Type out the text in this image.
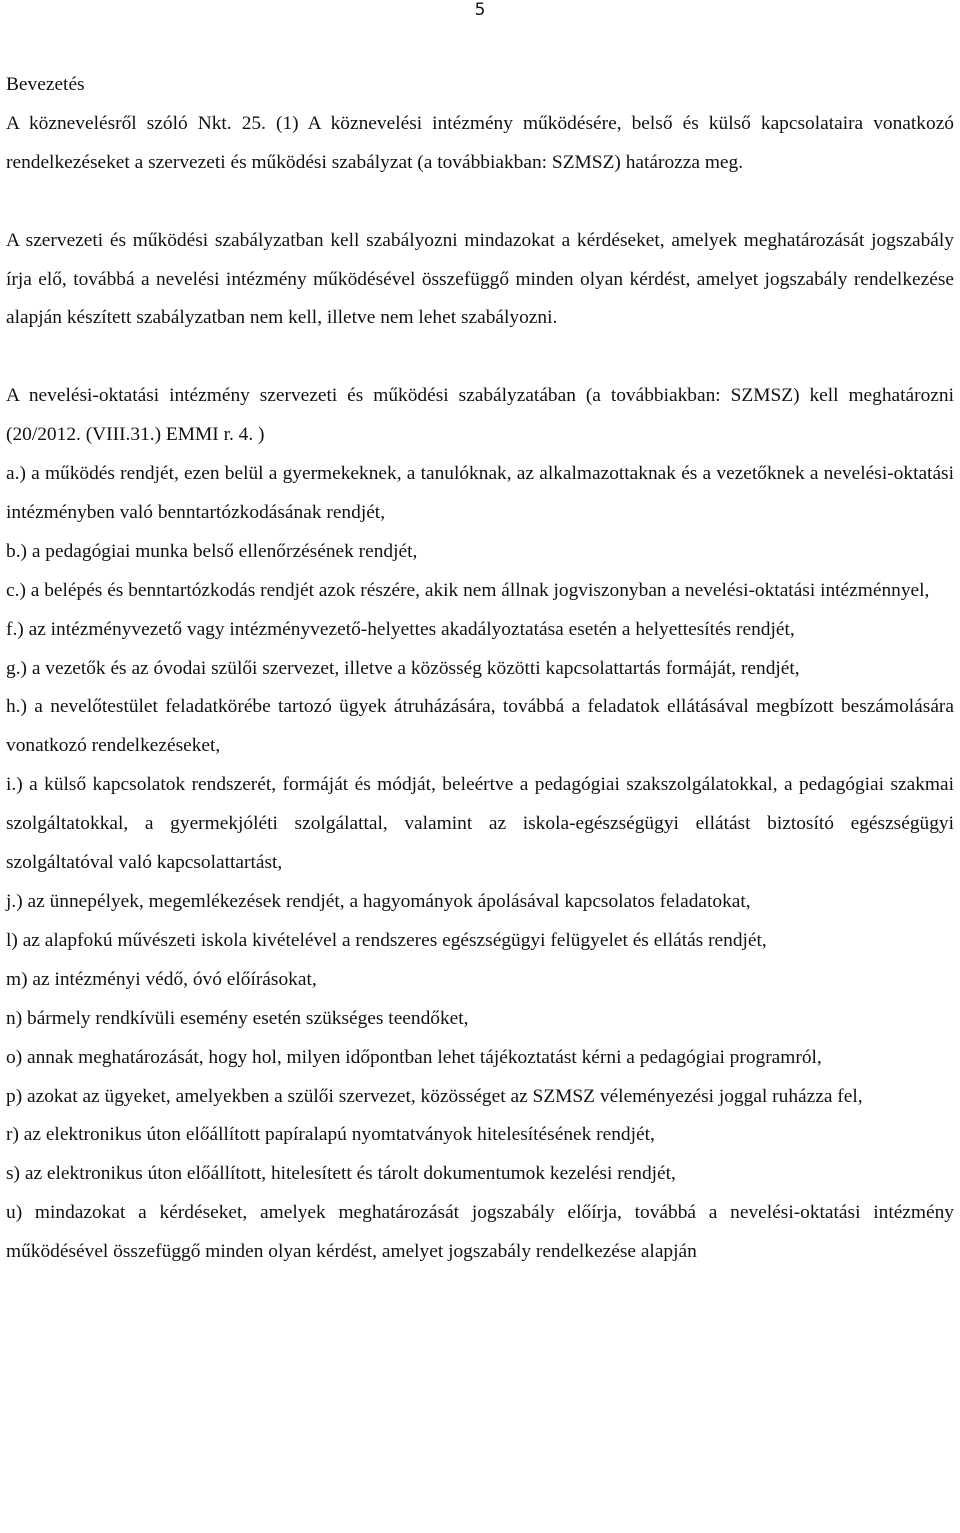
5
Bevezetés

A köznevelésről szóló Nkt. 25. (1) A köznevelési intézmény működésére, belső és külső kapcsolataira vonatkozó rendelkezéseket a szervezeti és működési szabályzat (a továbbiakban: SZMSZ) határozza meg.

A szervezeti és működési szabályzatban kell szabályozni mindazokat a kérdéseket, amelyek meghatározását jogszabály írja elő, továbbá a nevelési intézmény működésével összefüggő minden olyan kérdést, amelyet jogszabály rendelkezése alapján készített szabályzatban nem kell, illetve nem lehet szabályozni.

A nevelési-oktatási intézmény szervezeti és működési szabályzatában (a továbbiakban: SZMSZ) kell meghatározni (20/2012. (VIII.31.) EMMI r. 4. )

a.) a működés rendjét, ezen belül a gyermekeknek, a tanulóknak, az alkalmazottaknak és a vezetőknek a nevelési-oktatási intézményben való benntartózkodásának rendjét,

b.) a pedagógiai munka belső ellenőrzésének rendjét,

c.) a belépés és benntartózkodás rendjét azok részére, akik nem állnak jogviszonyban a nevelési-oktatási intézménnyel,

f.) az intézményvezető vagy intézményvezető-helyettes akadályoztatása esetén a helyettesítés rendjét,

g.) a vezetők és az óvodai szülői szervezet, illetve a közösség közötti kapcsolattartás formáját, rendjét,

h.) a nevelőtestület feladatkörébe tartozó ügyek átruházására, továbbá a feladatok ellátásával megbízott beszámolására vonatkozó rendelkezéseket,

i.) a külső kapcsolatok rendszerét, formáját és módját, beleértve a pedagógiai szakszolgálatokkal, a pedagógiai szakmai szolgáltatokkal, a gyermekjóléti szolgálattal, valamint az iskola-egészségügyi ellátást biztosító egészségügyi szolgáltatóval való kapcsolattartást,

j.) az ünnepélyek, megemlékezések rendjét, a hagyományok ápolásával kapcsolatos feladatokat,

l) az alapfokú művészeti iskola kivételével a rendszeres egészségügyi felügyelet és ellátás rendjét,

m) az intézményi védő, óvó előírásokat,

n) bármely rendkívüli esemény esetén szükséges teendőket,

o) annak meghatározását, hogy hol, milyen időpontban lehet tájékoztatást kérni a pedagógiai programról,

p) azokat az ügyeket, amelyekben a szülői szervezet, közösséget az SZMSZ véleményezési joggal ruházza fel,

r) az elektronikus úton előállított papíralapú nyomtatványok hitelesítésének rendjét,

s) az elektronikus úton előállított, hitelesített és tárolt dokumentumok kezelési rendjét,

u) mindazokat a kérdéseket, amelyek meghatározását jogszabály előírja, továbbá a nevelési-oktatási intézmény működésével összefüggő minden olyan kérdést, amelyet jogszabály rendelkezése alapján
